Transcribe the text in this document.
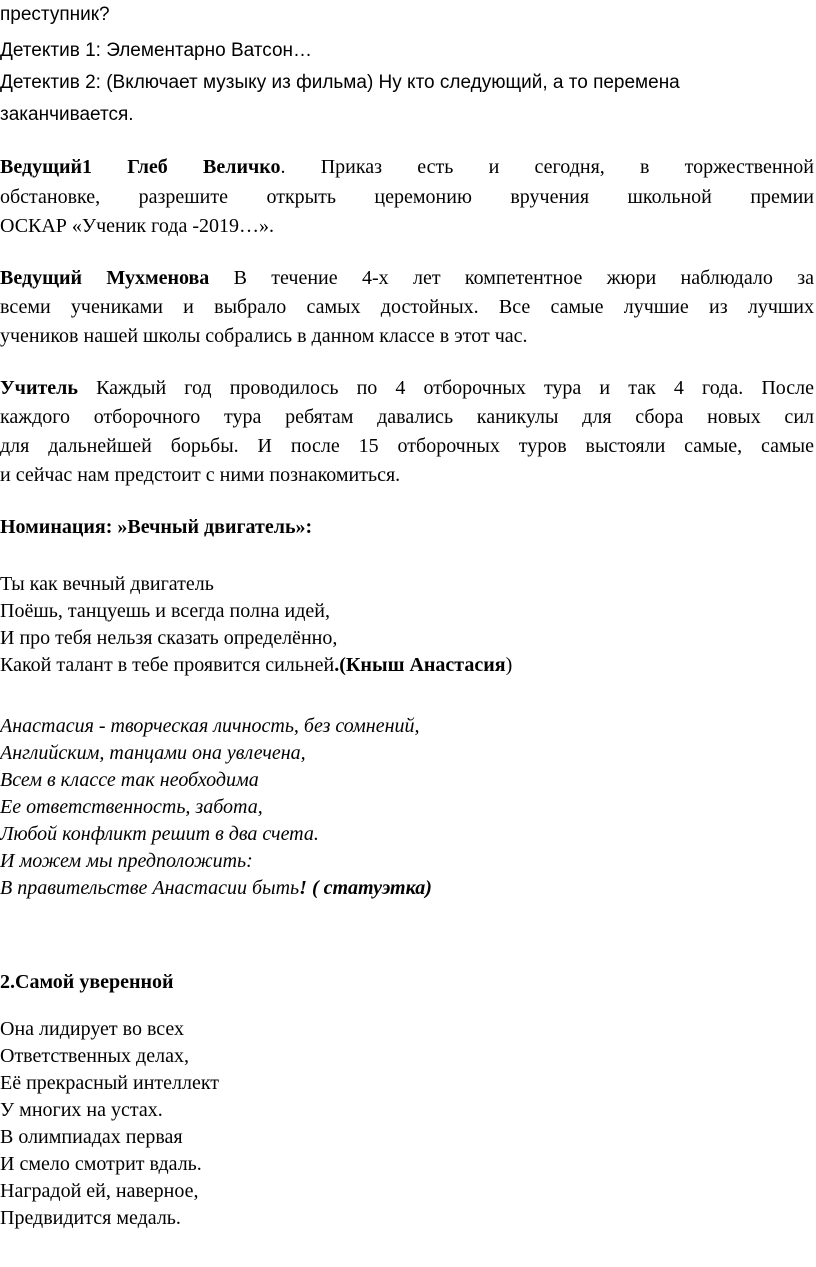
преступник?
Детектив 1: Элементарно Ватсон…
Детектив 2: (Включает музыку из фильма) Ну кто следующий, а то перемена
заканчивается.
Ведущий1 Глеб Величко. Приказ есть и сегодня, в торжественной
обстановке, разрешите открыть церемонию вручения школьной премии
ОСКАР «Ученик года -2019…».
Ведущий Мухменова В течение 4-х лет компетентное жюри наблюдало за
всеми учениками и выбрало самых достойных. Все самые лучшие из лучших
учеников нашей школы собрались в данном классе в этот час.
Учитель Каждый год проводилось по 4 отборочных тура и так 4 года. После
каждого отборочного тура ребятам давались каникулы для сбора новых сил
для дальнейшей борьбы. И после 15 отборочных туров выстояли самые, самые
и сейчас нам предстоит с ними познакомиться.
Номинация: »Вечный двигатель»:
Ты как вечный двигатель
Поёшь, танцуешь и всегда полна идей,
И про тебя нельзя сказать определённо,
Какой талант в тебе проявится сильней.(Кныш Анастасия)
Анастасия - творческая личность, без сомнений,
Английским, танцами она увлечена,
Всем в классе так необходима
Ее ответственность, забота,
Любой конфликт решит в два счета.
И можем мы предположить:
В правительстве Анастасии быть! ( статуэтка)
2.Самой уверенной
Она лидирует во всех
Ответственных делах,
Её прекрасный интеллект
У многих на устах.
В олимпиадах первая
И смело смотрит вдаль.
Наградой ей, наверное,
Предвидится медаль.
